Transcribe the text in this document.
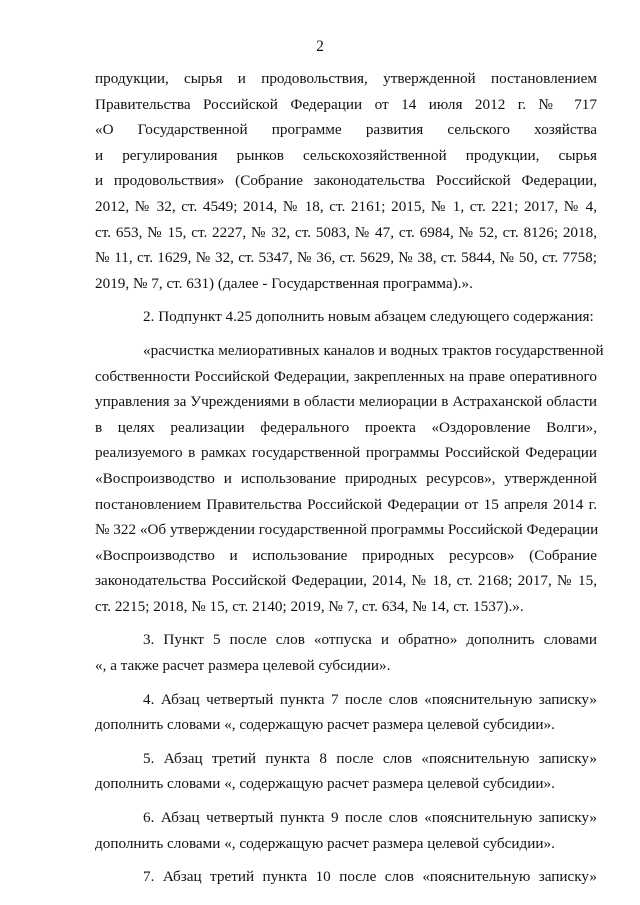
2
продукции, сырья и продовольствия, утвержденной постановлением
Правительства Российской Федерации от 14 июля 2012 г. № 717
«О Государственной программе развития сельского хозяйства
и регулирования рынков сельскохозяйственной продукции, сырья
и продовольствия» (Собрание законодательства Российской Федерации,
2012, № 32, ст. 4549; 2014, № 18, ст. 2161; 2015, № 1, ст. 221; 2017, № 4,
ст. 653, № 15, ст. 2227, № 32, ст. 5083, № 47, ст. 6984, № 52, ст. 8126; 2018,
№ 11, ст. 1629, № 32, ст. 5347, № 36, ст. 5629, № 38, ст. 5844, № 50, ст. 7758;
2019, № 7, ст. 631) (далее - Государственная программа).».
2. Подпункт 4.25 дополнить новым абзацем следующего содержания:
«расчистка мелиоративных каналов и водных трактов государственной
собственности Российской Федерации, закрепленных на праве оперативного
управления за Учреждениями в области мелиорации в Астраханской области
в целях реализации федерального проекта «Оздоровление Волги»,
реализуемого в рамках государственной программы Российской Федерации
«Воспроизводство и использование природных ресурсов», утвержденной
постановлением Правительства Российской Федерации от 15 апреля 2014 г.
№ 322 «Об утверждении государственной программы Российской Федерации
«Воспроизводство и использование природных ресурсов» (Собрание
законодательства Российской Федерации, 2014, № 18, ст. 2168; 2017, № 15,
ст. 2215; 2018, № 15, ст. 2140; 2019, № 7, ст. 634, № 14, ст. 1537).».
3. Пункт 5 после слов «отпуска и обратно» дополнить словами
«, а также расчет размера целевой субсидии».
4. Абзац четвертый пункта 7 после слов «пояснительную записку»
дополнить словами «, содержащую расчет размера целевой субсидии».
5. Абзац третий пункта 8 после слов «пояснительную записку»
дополнить словами «, содержащую расчет размера целевой субсидии».
6. Абзац четвертый пункта 9 после слов «пояснительную записку»
дополнить словами «, содержащую расчет размера целевой субсидии».
7. Абзац третий пункта 10 после слов «пояснительную записку»
